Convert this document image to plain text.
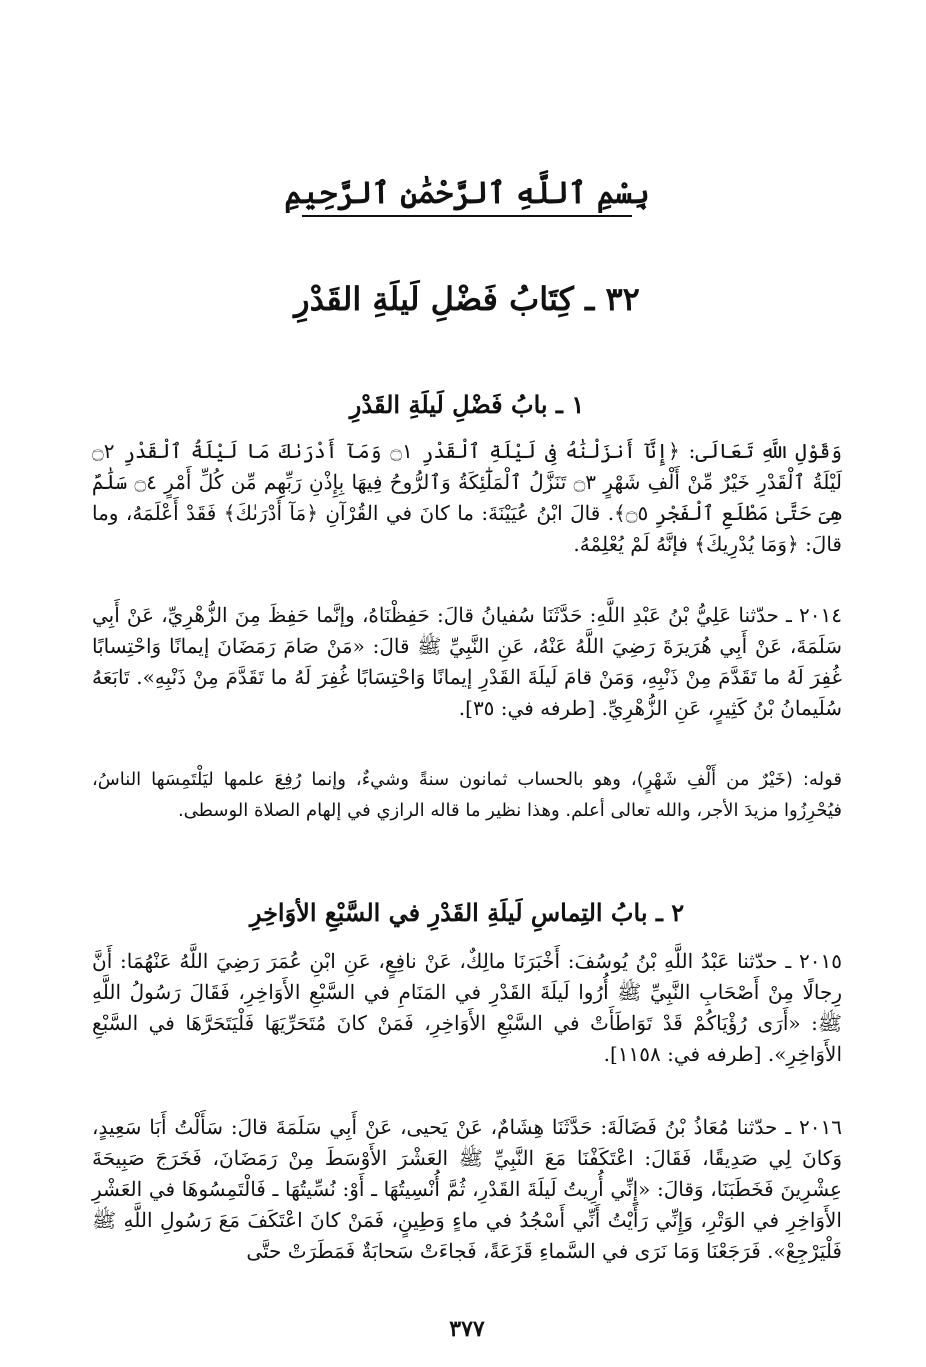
بِسْمِ ٱللَّهِ ٱلرَّحْمَٰنِ ٱلرَّحِيمِ
٣٢ ـ كِتَابُ فَضْلِ لَيلَةِ القَدْرِ
١ ـ بابُ فَضْلِ لَيلَةِ القَدْرِ

وَقَوْلِ اللَّهِ تَعَالَى: ﴿إِنَّآ أَنزَلْنَٰهُ فِى لَيْلَةِ ٱلْقَدْرِ ۝١ وَمَآ أَدْرَىٰكَ مَا لَيْلَةُ ٱلْقَدْرِ ۝٢ لَيْلَةُ ٱلْقَدْرِ خَيْرٌ مِّنْ أَلْفِ شَهْرٍ ۝٣ تَنَزَّلُ ٱلْمَلَٰٓئِكَةُ وَٱلرُّوحُ فِيهَا بِإِذْنِ رَبِّهِم مِّن كُلِّ أَمْرٍ ۝٤ سَلَٰمٌ هِىَ حَتَّىٰ مَطْلَعِ ٱلْفَجْرِ ۝٥﴾. قالَ ابْنُ عُيَيْنَةَ: ما كانَ في القُرْآنِ ﴿مَآ أَدْرَىٰكَ﴾ فَقَدْ أَعْلَمَهُ، وما قالَ: ﴿وَمَا يُدْرِيكَ﴾ فإنَّهُ لَمْ يُعْلِمْهُ.

٢٠١٤ ـ حدّثنا عَلِيُّ بْنُ عَبْدِ اللَّهِ: حَدَّثَنَا سُفيانُ قالَ: حَفِظْنَاهُ، وإنَّما حَفِظَ مِنَ الزُّهْرِيِّ، عَنْ أَبِي سَلَمَةَ، عَنْ أَبِي هُرَيرَةَ رَضِيَ اللَّهُ عَنْهُ، عَنِ النَّبِيِّ ﷺ قالَ: «مَنْ صَامَ رَمَضَانَ إيمانًا وَاحْتِسابًا غُفِرَ لَهُ ما تَقَدَّمَ مِنْ ذَنْبِهِ، وَمَنْ قامَ لَيلَةَ القَدْرِ إيمانًا وَاحْتِسَابًا غُفِرَ لَهُ ما تَقَدَّمَ مِنْ ذَنْبِهِ». تَابَعَهُ سُلَيمانُ بْنُ كَثِيرٍ، عَنِ الزُّهْرِيِّ. [طرفه في: ٣٥].

قوله: (خَيْرٌ من أَلْفِ شَهْرٍ)، وهو بالحساب ثمانون سنةً وشيءٌ، وإنما رُفِعَ علمها ليَلْتَمِسَها الناسُ، فيُحْرِزُوا مزيدَ الأجر، والله تعالى أعلم. وهذا نظير ما قاله الرازي في إلهام الصلاة الوسطى.

٢ ـ بابُ التِماسِ لَيلَةِ القَدْرِ في السَّبْعِ الأوَاخِرِ

٢٠١٥ ـ حدّثنا عَبْدُ اللَّهِ بْنُ يُوسُفَ: أَخْبَرَنَا مالِكٌ، عَنْ نافِعٍ، عَنِ ابْنِ عُمَرَ رَضِيَ اللَّهُ عَنْهُمَا: أَنَّ رِجالًا مِنْ أَصْحَابِ النَّبِيِّ ﷺ أُرُوا لَيلَةَ القَدْرِ في المَنَامِ في السَّبْعِ الأَوَاخِرِ، فَقَالَ رَسُولُ اللَّهِ ﷺ: «أَرَى رُؤْيَاكُمْ قَدْ تَوَاطَأَتْ في السَّبْعِ الأَوَاخِرِ، فَمَنْ كانَ مُتَحَرِّيَهَا فَلْيَتَحَرَّهَا في السَّبْعِ الأَوَاخِرِ». [طرفه في: ١١٥٨].

٢٠١٦ ـ حدّثنا مُعَاذُ بْنُ فَضَالَةَ: حَدَّثَنَا هِشَامٌ، عَنْ يَحيى، عَنْ أَبِي سَلَمَةَ قالَ: سَأَلْتُ أَبَا سَعِيدٍ، وَكانَ لِي صَدِيقًا، فَقَالَ: اعْتَكَفْنَا مَعَ النَّبِيِّ ﷺ العَشْرَ الأَوْسَطَ مِنْ رَمَضَانَ، فَخَرَجَ صَبِيحَةَ عِشْرِينَ فَخَطَبَنَا، وَقالَ: «إِنِّي أُرِيتُ لَيلَةَ القَدْرِ، ثُمَّ أُنْسِيتُهَا ـ أَوْ: نُسِّيتُهَا ـ فَالْتَمِسُوهَا في العَشْرِ الأَوَاخِرِ في الوَتْرِ، وَإِنِّي رَأَيْتُ أَنِّي أَسْجُدُ في ماءٍ وَطِينٍ، فَمَنْ كانَ اعْتَكَفَ مَعَ رَسُولِ اللَّهِ ﷺ فَلْيَرْجِعْ». فَرَجَعْنَا وَمَا نَرَى في السَّماءِ قَزَعَةً، فَجاءَتْ سَحابَةٌ فَمَطَرَتْ حتَّى

٣٧٧
